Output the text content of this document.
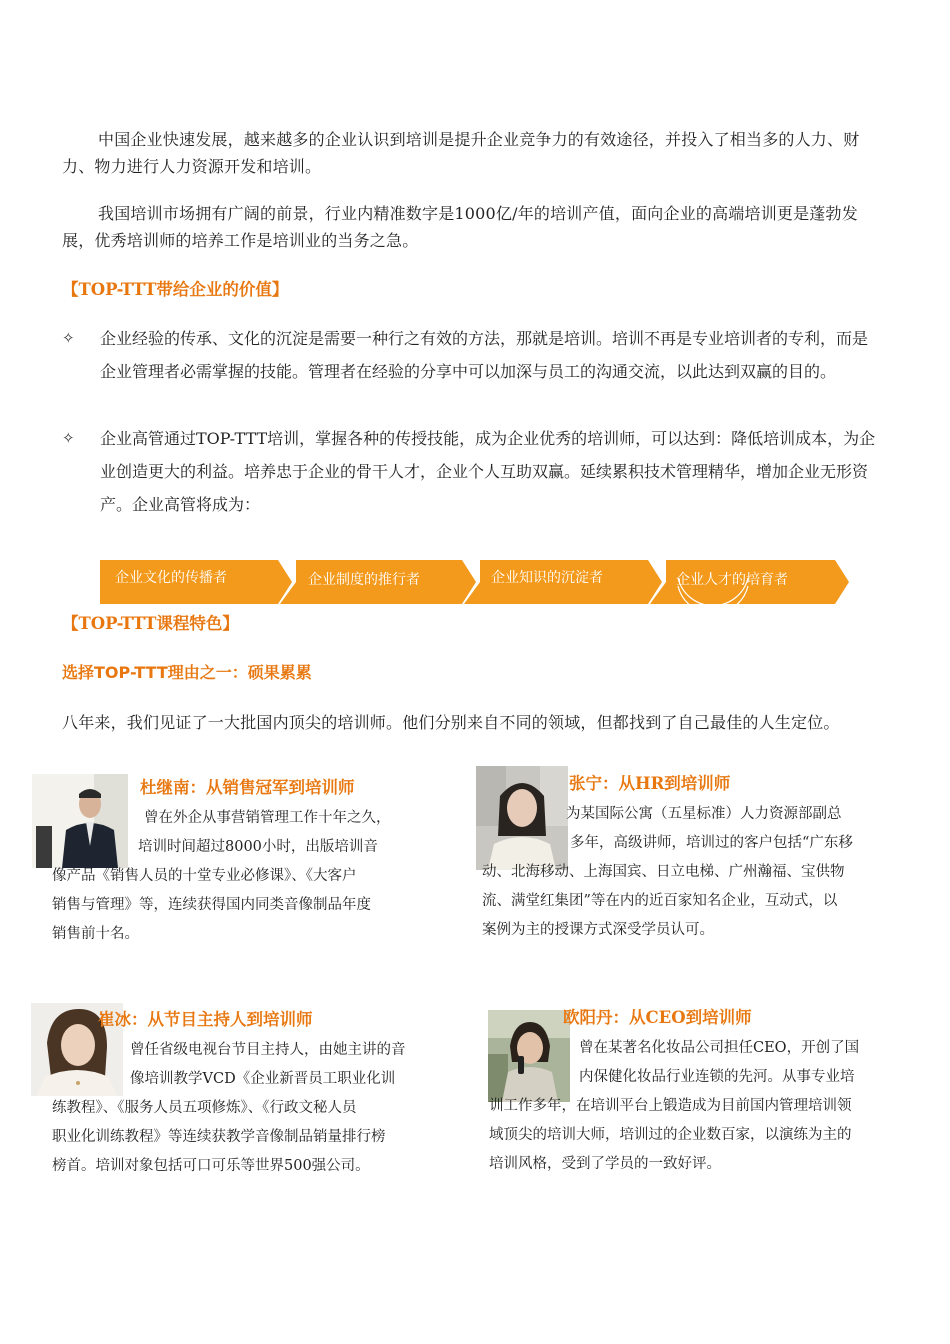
中国企业快速发展，越来越多的企业认识到培训是提升企业竞争力的有效途径，并投入了相当多的人力、财力、物力进行人力资源开发和培训。
我国培训市场拥有广阔的前景，行业内精准数字是1000亿/年的培训产值，面向企业的高端培训更是蓬勃发展，优秀培训师的培养工作是培训业的当务之急。
【TOP-TTT带给企业的价值】
✧ 企业经验的传承、文化的沉淀是需要一种行之有效的方法，那就是培训。培训不再是专业培训者的专利，而是企业管理者必需掌握的技能。管理者在经验的分享中可以加深与员工的沟通交流，以此达到双赢的目的。
✧ 企业高管通过TOP-TTT培训，掌握各种的传授技能，成为企业优秀的培训师，可以达到：降低培训成本，为企业创造更大的利益。培养忠于企业的骨干人才，企业个人互助双赢。延续累积技术管理精华，增加企业无形资产。企业高管将成为：
企业文化的传播者	企业制度的推行者	企业知识的沉淀者	企业人才的培育者
【TOP-TTT课程特色】
选择TOP-TTT理由之一：硕果累累
八年来，我们见证了一大批国内顶尖的培训师。他们分别来自不同的领域，但都找到了自己最佳的人生定位。
杜继南：从销售冠军到培训师
曾在外企从事营销管理工作十年之久，
培训时间超过8000小时，出版培训音
像产品《销售人员的十堂专业必修课》、《大客户
销售与管理》等，连续获得国内同类音像制品年度
销售前十名。
张宁：从HR到培训师
为某国际公寓（五星标准）人力资源部副总
多年，高级讲师，培训过的客户包括“广东移
动、北海移动、上海国宾、日立电梯、广州瀚福、宝供物
流、满堂红集团”等在内的近百家知名企业，互动式，以
案例为主的授课方式深受学员认可。
崔冰：从节目主持人到培训师
曾任省级电视台节目主持人，由她主讲的音
像培训教学VCD《企业新晋员工职业化训
练教程》、《服务人员五项修炼》、《行政文秘人员
职业化训练教程》等连续获教学音像制品销量排行榜
榜首。培训对象包括可口可乐等世界500强公司。
欧阳丹：从CEO到培训师
曾在某著名化妆品公司担任CEO，开创了国
内保健化妆品行业连锁的先河。从事专业培
训工作多年，在培训平台上锻造成为目前国内管理培训领
域顶尖的培训大师，培训过的企业数百家，以演练为主的
培训风格，受到了学员的一致好评。
